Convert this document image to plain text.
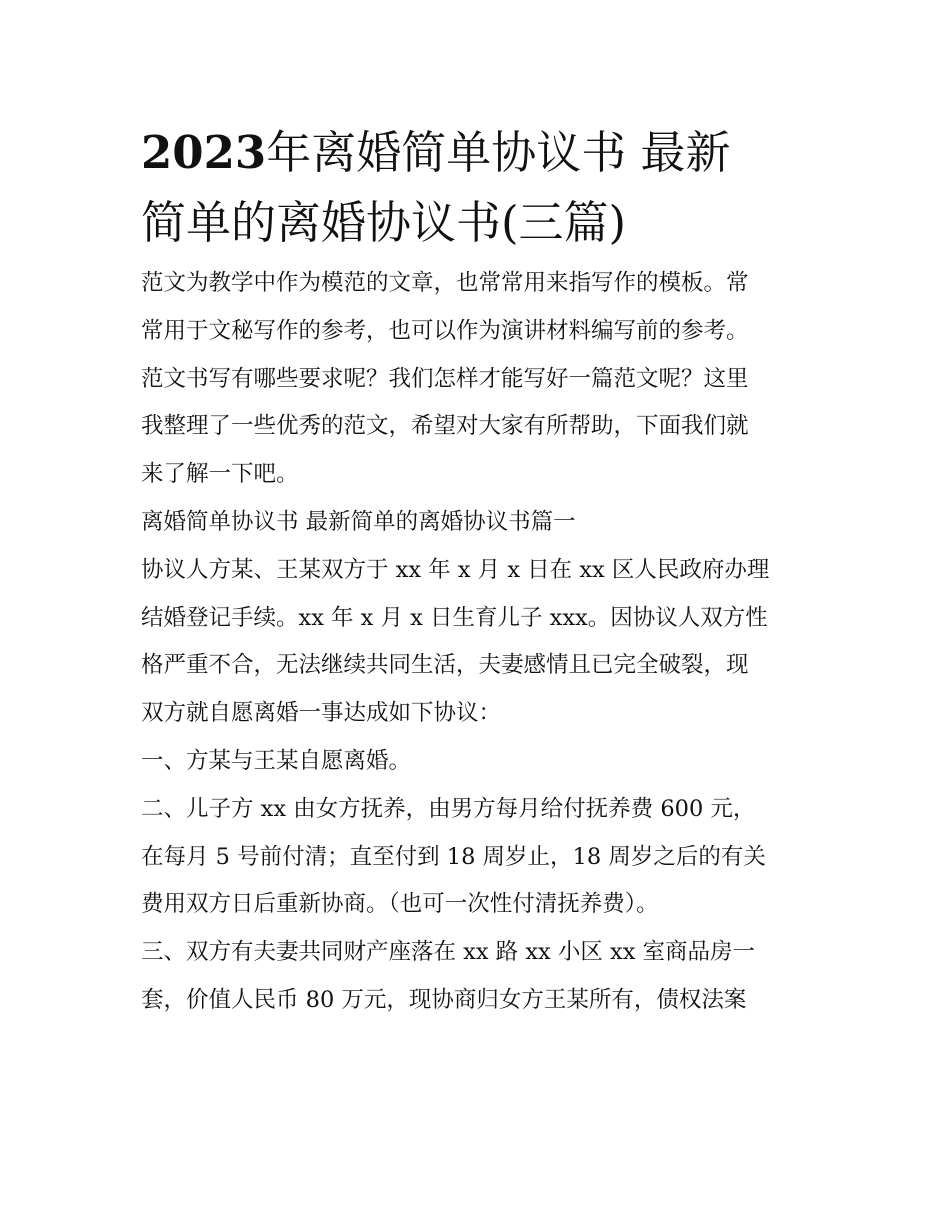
2023年离婚简单协议书 最新
简单的离婚协议书(三篇)
范文为教学中作为模范的文章，也常常用来指写作的模板。常
常用于文秘写作的参考，也可以作为演讲材料编写前的参考。
范文书写有哪些要求呢？我们怎样才能写好一篇范文呢？这里
我整理了一些优秀的范文，希望对大家有所帮助，下面我们就
来了解一下吧。
离婚简单协议书 最新简单的离婚协议书篇一
协议人方某、王某双方于 xx 年 x 月 x 日在 xx 区人民政府办理
结婚登记手续。xx 年 x 月 x 日生育儿子 xxx。因协议人双方性
格严重不合，无法继续共同生活，夫妻感情且已完全破裂，现
双方就自愿离婚一事达成如下协议：
一、方某与王某自愿离婚。
二、儿子方 xx 由女方抚养，由男方每月给付抚养费 600 元，
在每月 5 号前付清；直至付到 18 周岁止，18 周岁之后的有关
费用双方日后重新协商。（也可一次性付清抚养费）。
三、双方有夫妻共同财产座落在 xx 路 xx 小区 xx 室商品房一
套，价值人民币 80 万元，现协商归女方王某所有，债权法案
